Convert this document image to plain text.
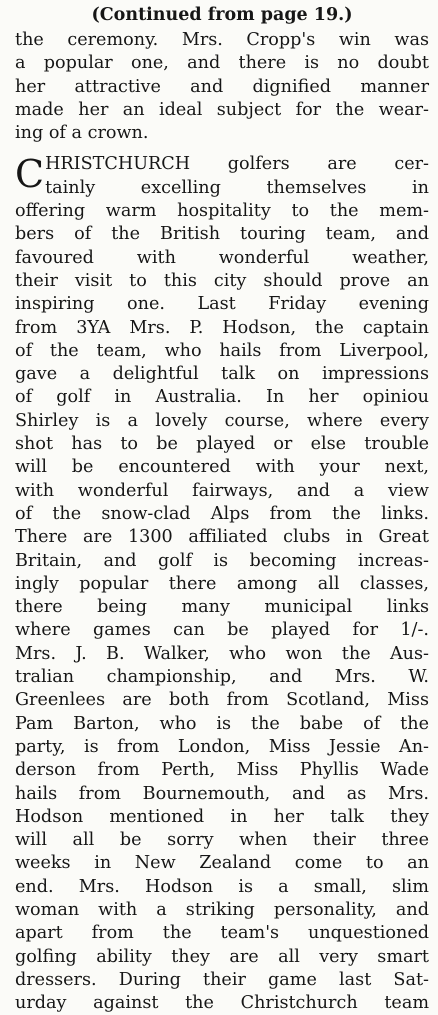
(Continued from page 19.)
the ceremony. Mrs. Cropp's win was
a popular one, and there is no doubt
her attractive and dignified manner
made her an ideal subject for the wear-
ing of a crown.
C HRISTCHURCH golfers are cer-
tainly excelling themselves in
offering warm hospitality to the mem-
bers of the British touring team, and
favoured with wonderful weather,
their visit to this city should prove an
inspiring one. Last Friday evening
from 3YA Mrs. P. Hodson, the captain
of the team, who hails from Liverpool,
gave a delightful talk on impressions
of golf in Australia. In her opiniou
Shirley is a lovely course, where every
shot has to be played or else trouble
will be encountered with your next,
with wonderful fairways, and a view
of the snow-clad Alps from the links.
There are 1300 affiliated clubs in Great
Britain, and golf is becoming increas-
ingly popular there among all classes,
there being many municipal links
where games can be played for 1/-.
Mrs. J. B. Walker, who won the Aus-
tralian championship, and Mrs. W.
Greenlees are both from Scotland, Miss
Pam Barton, who is the babe of the
party, is from London, Miss Jessie An-
derson from Perth, Miss Phyllis Wade
hails from Bournemouth, and as Mrs.
Hodson mentioned in her talk they
will all be sorry when their three
weeks in New Zealand come to an
end. Mrs. Hodson is a small, slim
woman with a striking personality, and
apart from the team's unquestioned
golfing ability they are all very smart
dressers. During their game last Sat-
urday against the Christchurch team
